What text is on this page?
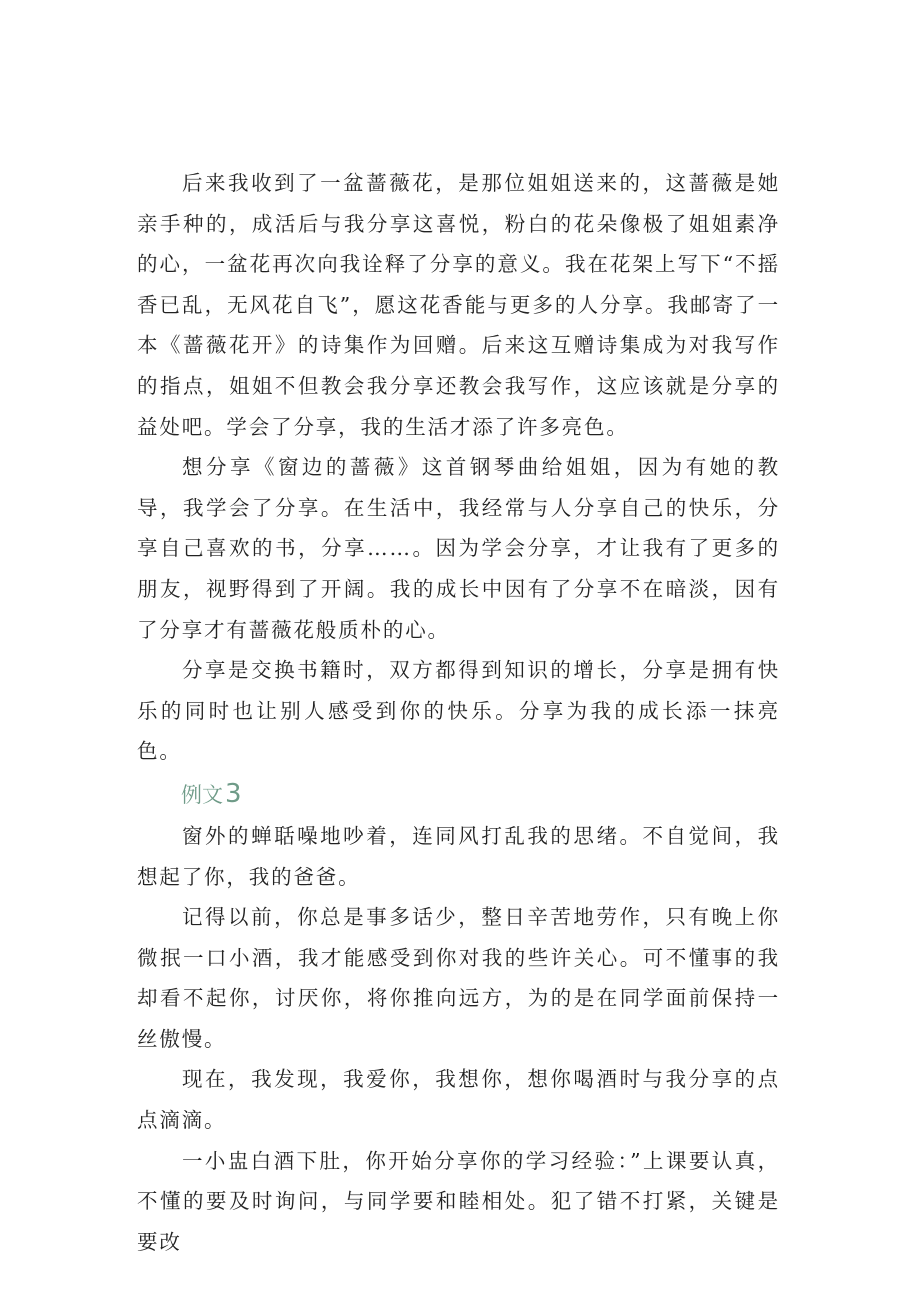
后来我收到了一盆蔷薇花，是那位姐姐送来的，这蔷薇是她亲手种的，成活后与我分享这喜悦，粉白的花朵像极了姐姐素净的心，一盆花再次向我诠释了分享的意义。我在花架上写下“不摇香已乱，无风花自飞”，愿这花香能与更多的人分享。我邮寄了一本《蔷薇花开》的诗集作为回赠。后来这互赠诗集成为对我写作的指点，姐姐不但教会我分享还教会我写作，这应该就是分享的益处吧。学会了分享，我的生活才添了许多亮色。

想分享《窗边的蔷薇》这首钢琴曲给姐姐，因为有她的教导，我学会了分享。在生活中，我经常与人分享自己的快乐，分享自己喜欢的书，分享……。因为学会分享，才让我有了更多的朋友，视野得到了开阔。我的成长中因有了分享不在暗淡，因有了分享才有蔷薇花般质朴的心。

分享是交换书籍时，双方都得到知识的增长，分享是拥有快乐的同时也让别人感受到你的快乐。分享为我的成长添一抹亮色。

例文3

窗外的蝉聒噪地吵着，连同风打乱我的思绪。不自觉间，我想起了你，我的爸爸。

记得以前，你总是事多话少，整日辛苦地劳作，只有晚上你微抿一口小酒，我才能感受到你对我的些许关心。可不懂事的我却看不起你，讨厌你，将你推向远方，为的是在同学面前保持一丝傲慢。

现在，我发现，我爱你，我想你，想你喝酒时与我分享的点点滴滴。

一小盅白酒下肚，你开始分享你的学习经验：”上课要认真，不懂的要及时询问，与同学要和睦相处。犯了错不打紧，关键是要改
